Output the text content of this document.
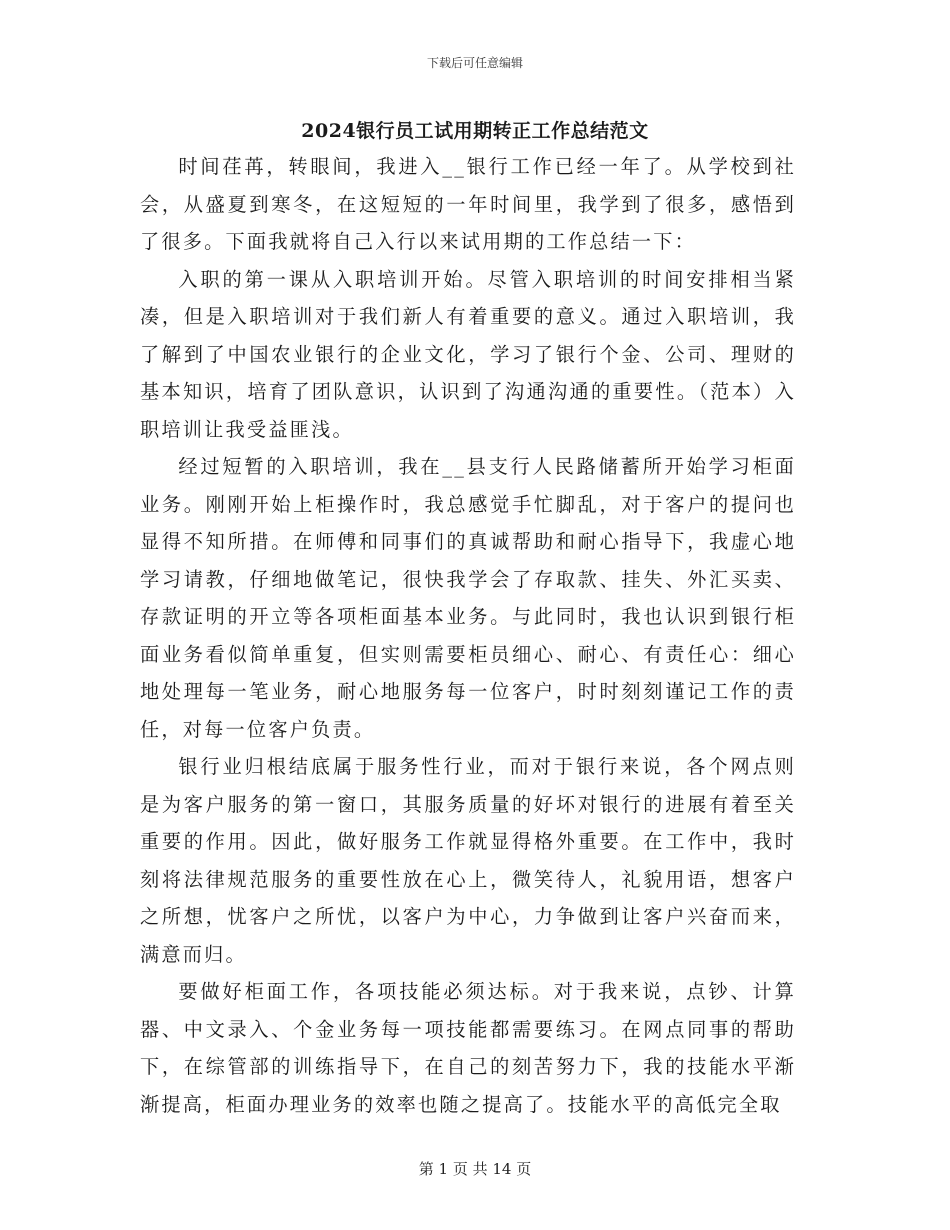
下载后可任意编辑
2024银行员工试用期转正工作总结范文

时间荏苒，转眼间，我进入__银行工作已经一年了。从学校到社会，从盛夏到寒冬，在这短短的一年时间里，我学到了很多，感悟到了很多。下面我就将自己入行以来试用期的工作总结一下：

入职的第一课从入职培训开始。尽管入职培训的时间安排相当紧凑，但是入职培训对于我们新人有着重要的意义。通过入职培训，我了解到了中国农业银行的企业文化，学习了银行个金、公司、理财的基本知识，培育了团队意识，认识到了沟通沟通的重要性。（范本）入职培训让我受益匪浅。

经过短暂的入职培训，我在__县支行人民路储蓄所开始学习柜面业务。刚刚开始上柜操作时，我总感觉手忙脚乱，对于客户的提问也显得不知所措。在师傅和同事们的真诚帮助和耐心指导下，我虚心地学习请教，仔细地做笔记，很快我学会了存取款、挂失、外汇买卖、存款证明的开立等各项柜面基本业务。与此同时，我也认识到银行柜面业务看似简单重复，但实则需要柜员细心、耐心、有责任心：细心地处理每一笔业务，耐心地服务每一位客户，时时刻刻谨记工作的责任，对每一位客户负责。

银行业归根结底属于服务性行业，而对于银行来说，各个网点则是为客户服务的第一窗口，其服务质量的好坏对银行的进展有着至关重要的作用。因此，做好服务工作就显得格外重要。在工作中，我时刻将法律规范服务的重要性放在心上，微笑待人，礼貌用语，想客户之所想，忧客户之所忧，以客户为中心，力争做到让客户兴奋而来，满意而归。

要做好柜面工作，各项技能必须达标。对于我来说，点钞、计算器、中文录入、个金业务每一项技能都需要练习。在网点同事的帮助下，在综管部的训练指导下，在自己的刻苦努力下，我的技能水平渐渐提高，柜面办理业务的效率也随之提高了。技能水平的高低完全取

第 1 页 共 14 页
